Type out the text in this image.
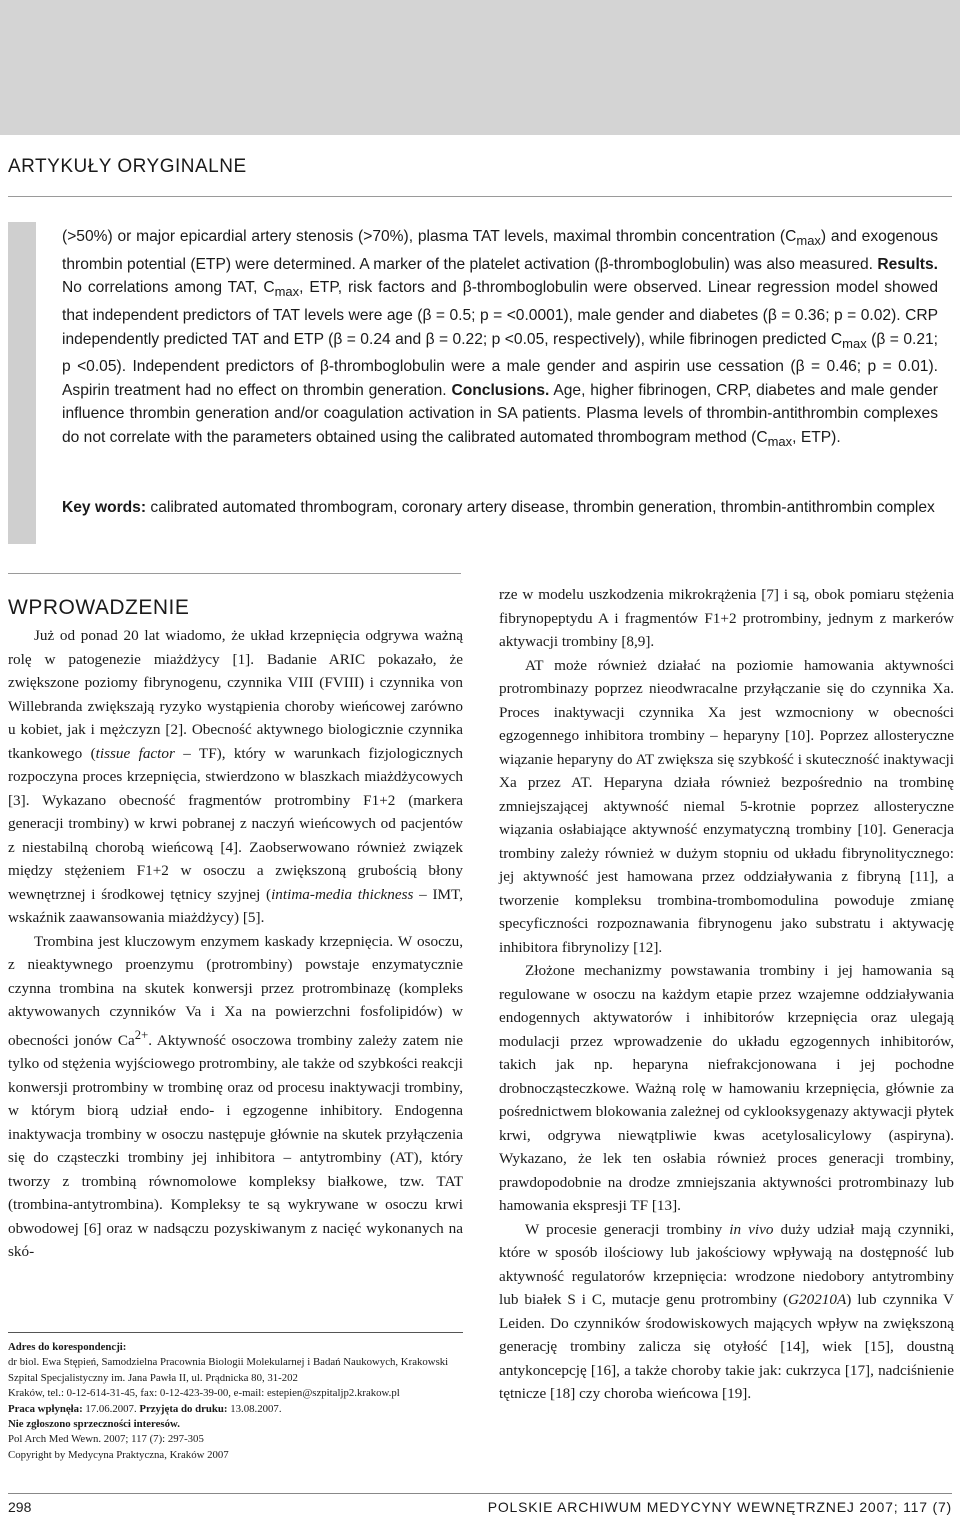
ARTYKUŁY ORYGINALNE
(>50%) or major epicardial artery stenosis (>70%), plasma TAT levels, maximal thrombin concentration $(C_{max})$ and exogenous thrombin potential (ETP) were determined. A marker of the platelet activation (β-thromboglobulin) was also measured. Results. No correlations among TAT, $C_{max}$, ETP, risk factors and β-thromboglobulin were observed. Linear regression model showed that independent predictors of TAT levels were age (β = 0.5; p = <0.0001), male gender and diabetes (β = 0.36; p = 0.02). CRP independently predicted TAT and ETP (β = 0.24 and β = 0.22; p <0.05, respectively), while fibrinogen predicted $C_{max}$ (β = 0.21; p <0.05). Independent predictors of β-thromboglobulin were a male gender and aspirin use cessation (β = 0.46; p = 0.01). Aspirin treatment had no effect on thrombin generation. Conclusions. Age, higher fibrinogen, CRP, diabetes and male gender influence thrombin generation and/or coagulation activation in SA patients. Plasma levels of thrombin-antithrombin complexes do not correlate with the parameters obtained using the calibrated automated thrombogram method ($C_{max}$, ETP).
Key words: calibrated automated thrombogram, coronary artery disease, thrombin generation, thrombin-antithrombin complex
WPROWADZENIE

Już od ponad 20 lat wiadomo, że układ krzepnięcia odgrywa ważną rolę w patogenezie miażdżycy [1]. Badanie ARIC pokazało, że zwiększone poziomy fibrynogenu, czynnika VIII (FVIII) i czynnika von Willebranda zwiększają ryzyko wystąpienia choroby wieńcowej zarówno u kobiet, jak i mężczyzn [2]. Obecność aktywnego biologicznie czynnika tkankowego (tissue factor – TF), który w warunkach fizjologicznych rozpoczyna proces krzepnięcia, stwierdzono w blaszkach miażdżycowych [3]. Wykazano obecność fragmentów protrombiny F1+2 (markera generacji trombiny) w krwi pobranej z naczyń wieńcowych od pacjentów z niestabilną chorobą wieńcową [4]. Zaobserwowano również związek między stężeniem F1+2 w osoczu a zwiększoną grubością błony wewnętrznej i środkowej tętnicy szyjnej (intima-media thickness – IMT, wskaźnik zaawansowania miażdżycy) [5].

Trombina jest kluczowym enzymem kaskady krzepnięcia. W osoczu, z nieaktywnego proenzymu (protrombiny) powstaje enzymatycznie czynna trombina na skutek konwersji przez protrombinazę (kompleks aktywowanych czynników Va i Xa na powierzchni fosfolipidów) w obecności jonów $Ca^{2+}$. Aktywność osoczowa trombiny zależy zatem nie tylko od stężenia wyjściowego protrombiny, ale także od szybkości reakcji konwersji protrombiny w trombinę oraz od procesu inaktywacji trombiny, w którym biorą udział endo- i egzogenne inhibitory. Endogenna inaktywacja trombiny w osoczu następuje głównie na skutek przyłączenia się do cząsteczki trombiny jej inhibitora – antytrombiny (AT), który tworzy z trombiną równomolowe kompleksy białkowe, tzw. TAT (trombina-antytrombina). Kompleksy te są wykrywane w osoczu krwi obwodowej [6] oraz w nadsączu pozyskiwanym z nacięć wykonanych na skó-

rze w modelu uszkodzenia mikrokrążenia [7] i są, obok pomiaru stężenia fibrynopeptydu A i fragmentów F1+2 protrombiny, jednym z markerów aktywacji trombiny [8,9].

AT może również działać na poziomie hamowania aktywności protrombinazy poprzez nieodwracalne przyłączanie się do czynnika Xa. Proces inaktywacji czynnika Xa jest wzmocniony w obecności egzogennego inhibitora trombiny – heparyny [10]. Poprzez allosteryczne wiązanie heparyny do AT zwiększa się szybkość i skuteczność inaktywacji Xa przez AT. Heparyna działa również bezpośrednio na trombinę zmniejszającej aktywność niemal 5-krotnie poprzez allosteryczne wiązania osłabiające aktywność enzymatyczną trombiny [10]. Generacja trombiny zależy również w dużym stopniu od układu fibrynolitycznego: jej aktywność jest hamowana przez oddziaływania z fibryną [11], a tworzenie kompleksu trombina-trombomodulina powoduje zmianę specyficzności rozpoznawania fibrynogenu jako substratu i aktywację inhibitora fibrynolizy [12].

Złożone mechanizmy powstawania trombiny i jej hamowania są regulowane w osoczu na każdym etapie przez wzajemne oddziaływania endogennych aktywatorów i inhibitorów krzepnięcia oraz ulegają modulacji przez wprowadzenie do układu egzogennych inhibitorów, takich jak np. heparyna niefrakcjonowana i jej pochodne drobnocząsteczkowe. Ważną rolę w hamowaniu krzepnięcia, głównie za pośrednictwem blokowania zależnej od cyklooksygenazy aktywacji płytek krwi, odgrywa niewątpliwie kwas acetylosalicylowy (aspiryna). Wykazano, że lek ten osłabia również proces generacji trombiny, prawdopodobnie na drodze zmniejszania aktywności protrombinazy lub hamowania ekspresji TF [13].

W procesie generacji trombiny in vivo duży udział mają czynniki, które w sposób ilościowy lub jakościowy wpływają na dostępność lub aktywność regulatorów krzepnięcia: wrodzone niedobory antytrombiny lub białek S i C, mutacje genu protrombiny (G20210A) lub czynnika V Leiden. Do czynników środowiskowych mających wpływ na zwiększoną generację trombiny zalicza się otyłość [14], wiek [15], doustną antykoncepcję [16], a także choroby takie jak: cukrzyca [17], nadciśnienie tętnicze [18] czy choroba wieńcowa [19].

Adres do korespondencji:
dr biol. Ewa Stępień, Samodzielna Pracownia Biologii Molekularnej i Badań Naukowych, Krakowski Szpital Specjalistyczny im. Jana Pawła II, ul. Prądnicka 80, 31-202
Kraków, tel.: 0-12-614-31-45, fax: 0-12-423-39-00, e-mail: estepien@szpitaljp2.krakow.pl
Praca wpłynęła: 17.06.2007. Przyjęta do druku: 13.08.2007.
Nie zgłoszono sprzeczności interesów.
Pol Arch Med Wewn. 2007; 117 (7): 297-305
Copyright by Medycyna Praktyczna, Kraków 2007
298	POLSKIE ARCHIWUM MEDYCYNY WEWNĘTRZNEJ 2007; 117 (7)
